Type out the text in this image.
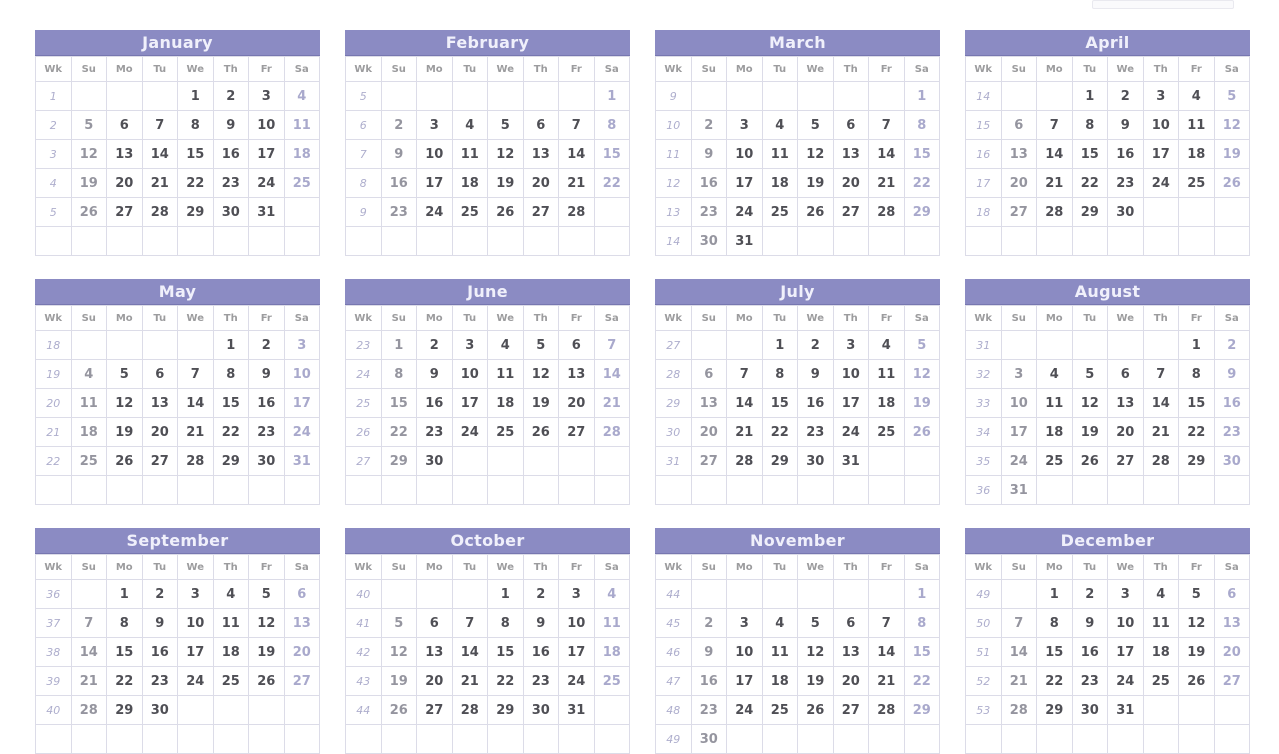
January
Wk	Su	Mo	Tu	We	Th	Fr	Sa
1				1	2	3	4
2	5	6	7	8	9	10	11
3	12	13	14	15	16	17	18
4	19	20	21	22	23	24	25
5	26	27	28	29	30	31	

February
Wk	Su	Mo	Tu	We	Th	Fr	Sa
5							1
6	2	3	4	5	6	7	8
7	9	10	11	12	13	14	15
8	16	17	18	19	20	21	22
9	23	24	25	26	27	28	

March
Wk	Su	Mo	Tu	We	Th	Fr	Sa
9							1
10	2	3	4	5	6	7	8
11	9	10	11	12	13	14	15
12	16	17	18	19	20	21	22
13	23	24	25	26	27	28	29
14	30	31					
April
Wk	Su	Mo	Tu	We	Th	Fr	Sa
14			1	2	3	4	5
15	6	7	8	9	10	11	12
16	13	14	15	16	17	18	19
17	20	21	22	23	24	25	26
18	27	28	29	30			

May
Wk	Su	Mo	Tu	We	Th	Fr	Sa
18					1	2	3
19	4	5	6	7	8	9	10
20	11	12	13	14	15	16	17
21	18	19	20	21	22	23	24
22	25	26	27	28	29	30	31

June
Wk	Su	Mo	Tu	We	Th	Fr	Sa
23	1	2	3	4	5	6	7
24	8	9	10	11	12	13	14
25	15	16	17	18	19	20	21
26	22	23	24	25	26	27	28
27	29	30					

July
Wk	Su	Mo	Tu	We	Th	Fr	Sa
27			1	2	3	4	5
28	6	7	8	9	10	11	12
29	13	14	15	16	17	18	19
30	20	21	22	23	24	25	26
31	27	28	29	30	31		

August
Wk	Su	Mo	Tu	We	Th	Fr	Sa
31						1	2
32	3	4	5	6	7	8	9
33	10	11	12	13	14	15	16
34	17	18	19	20	21	22	23
35	24	25	26	27	28	29	30
36	31						
September
Wk	Su	Mo	Tu	We	Th	Fr	Sa
36		1	2	3	4	5	6
37	7	8	9	10	11	12	13
38	14	15	16	17	18	19	20
39	21	22	23	24	25	26	27
40	28	29	30				

October
Wk	Su	Mo	Tu	We	Th	Fr	Sa
40				1	2	3	4
41	5	6	7	8	9	10	11
42	12	13	14	15	16	17	18
43	19	20	21	22	23	24	25
44	26	27	28	29	30	31	

November
Wk	Su	Mo	Tu	We	Th	Fr	Sa
44							1
45	2	3	4	5	6	7	8
46	9	10	11	12	13	14	15
47	16	17	18	19	20	21	22
48	23	24	25	26	27	28	29
49	30						
December
Wk	Su	Mo	Tu	We	Th	Fr	Sa
49		1	2	3	4	5	6
50	7	8	9	10	11	12	13
51	14	15	16	17	18	19	20
52	21	22	23	24	25	26	27
53	28	29	30	31			
